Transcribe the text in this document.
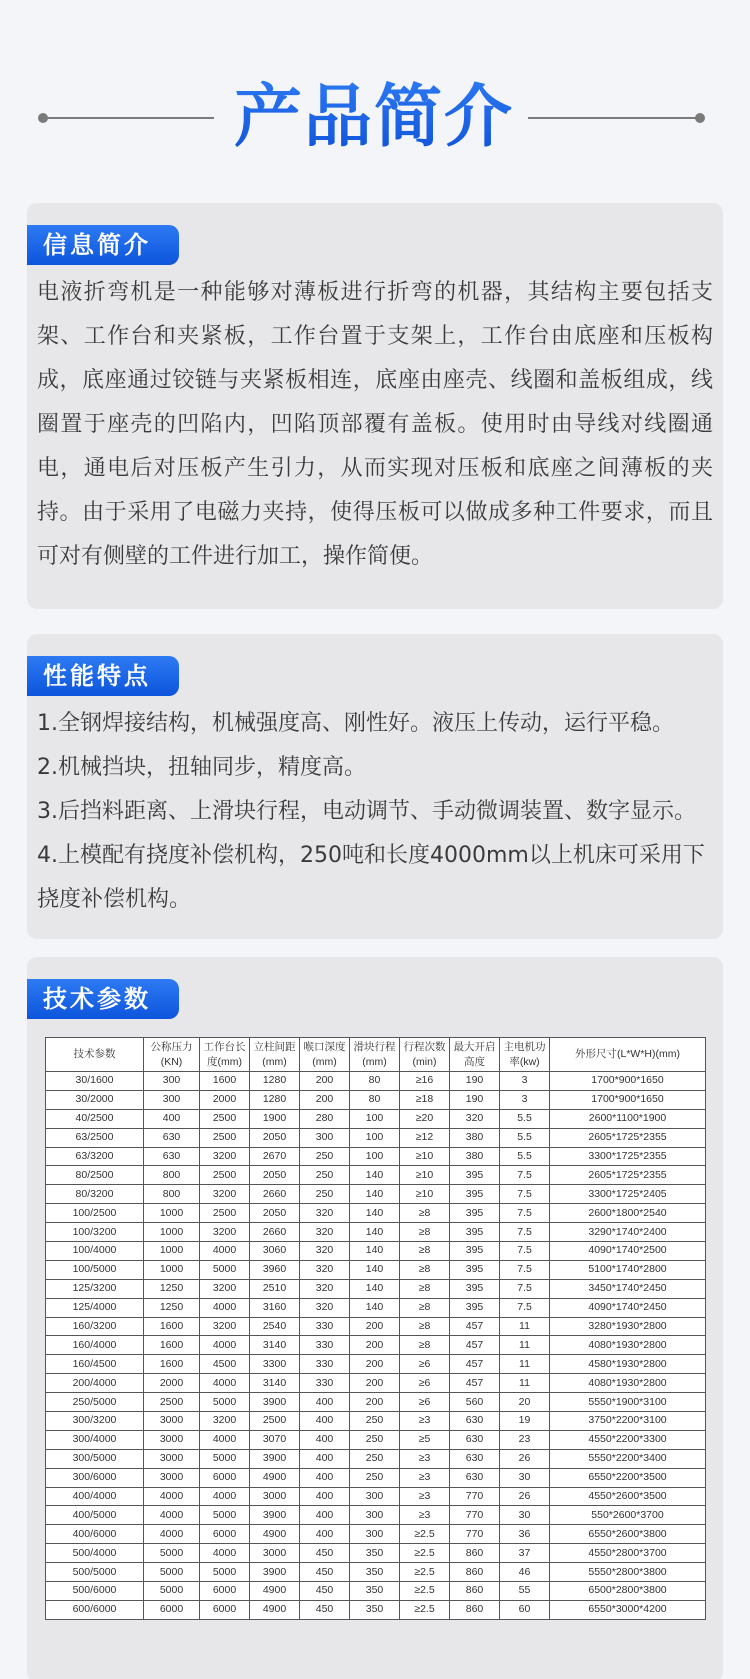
产品简介
信息简介

电液折弯机是一种能够对薄板进行折弯的机器，其结构主要包括支架、工作台和夹紧板，工作台置于支架上，工作台由底座和压板构成，底座通过铰链与夹紧板相连，底座由座壳、线圈和盖板组成，线圈置于座壳的凹陷内，凹陷顶部覆有盖板。使用时由导线对线圈通电，通电后对压板产生引力，从而实现对压板和底座之间薄板的夹持。由于采用了电磁力夹持，使得压板可以做成多种工件要求，而且可对有侧壁的工件进行加工，操作简便。

性能特点

1.全钢焊接结构，机械强度高、刚性好。液压上传动，运行平稳。

2.机械挡块，扭轴同步，精度高。

3.后挡料距离、上滑块行程，电动调节、手动微调装置、数字显示。

4.上模配有挠度补偿机构，250吨和长度4000mm以上机床可采用下挠度补偿机构。

技术参数
技术参数	公称压力(KN)	工作台长度(mm)	立柱间距(mm)	喉口深度(mm)	滑块行程(mm)	行程次数(min)	最大开启高度	主电机功率(kw)	外形尺寸(L*W*H)(mm)
30/1600	300	1600	1280	200	80	≥16	190	3	1700*900*1650
30/2000	300	2000	1280	200	80	≥18	190	3	1700*900*1650
40/2500	400	2500	1900	280	100	≥20	320	5.5	2600*1100*1900
63/2500	630	2500	2050	300	100	≥12	380	5.5	2605*1725*2355
63/3200	630	3200	2670	250	100	≥10	380	5.5	3300*1725*2355
80/2500	800	2500	2050	250	140	≥10	395	7.5	2605*1725*2355
80/3200	800	3200	2660	250	140	≥10	395	7.5	3300*1725*2405
100/2500	1000	2500	2050	320	140	≥8	395	7.5	2600*1800*2540
100/3200	1000	3200	2660	320	140	≥8	395	7.5	3290*1740*2400
100/4000	1000	4000	3060	320	140	≥8	395	7.5	4090*1740*2500
100/5000	1000	5000	3960	320	140	≥8	395	7.5	5100*1740*2800
125/3200	1250	3200	2510	320	140	≥8	395	7.5	3450*1740*2450
125/4000	1250	4000	3160	320	140	≥8	395	7.5	4090*1740*2450
160/3200	1600	3200	2540	330	200	≥8	457	11	3280*1930*2800
160/4000	1600	4000	3140	330	200	≥8	457	11	4080*1930*2800
160/4500	1600	4500	3300	330	200	≥6	457	11	4580*1930*2800
200/4000	2000	4000	3140	330	200	≥6	457	11	4080*1930*2800
250/5000	2500	5000	3900	400	200	≥6	560	20	5550*1900*3100
300/3200	3000	3200	2500	400	250	≥3	630	19	3750*2200*3100
300/4000	3000	4000	3070	400	250	≥5	630	23	4550*2200*3300
300/5000	3000	5000	3900	400	250	≥3	630	26	5550*2200*3400
300/6000	3000	6000	4900	400	250	≥3	630	30	6550*2200*3500
400/4000	4000	4000	3000	400	300	≥3	770	26	4550*2600*3500
400/5000	4000	5000	3900	400	300	≥3	770	30	550*2600*3700
400/6000	4000	6000	4900	400	300	≥2.5	770	36	6550*2600*3800
500/4000	5000	4000	3000	450	350	≥2.5	860	37	4550*2800*3700
500/5000	5000	5000	3900	450	350	≥2.5	860	46	5550*2800*3800
500/6000	5000	6000	4900	450	350	≥2.5	860	55	6500*2800*3800
600/6000	6000	6000	4900	450	350	≥2.5	860	60	6550*3000*4200
